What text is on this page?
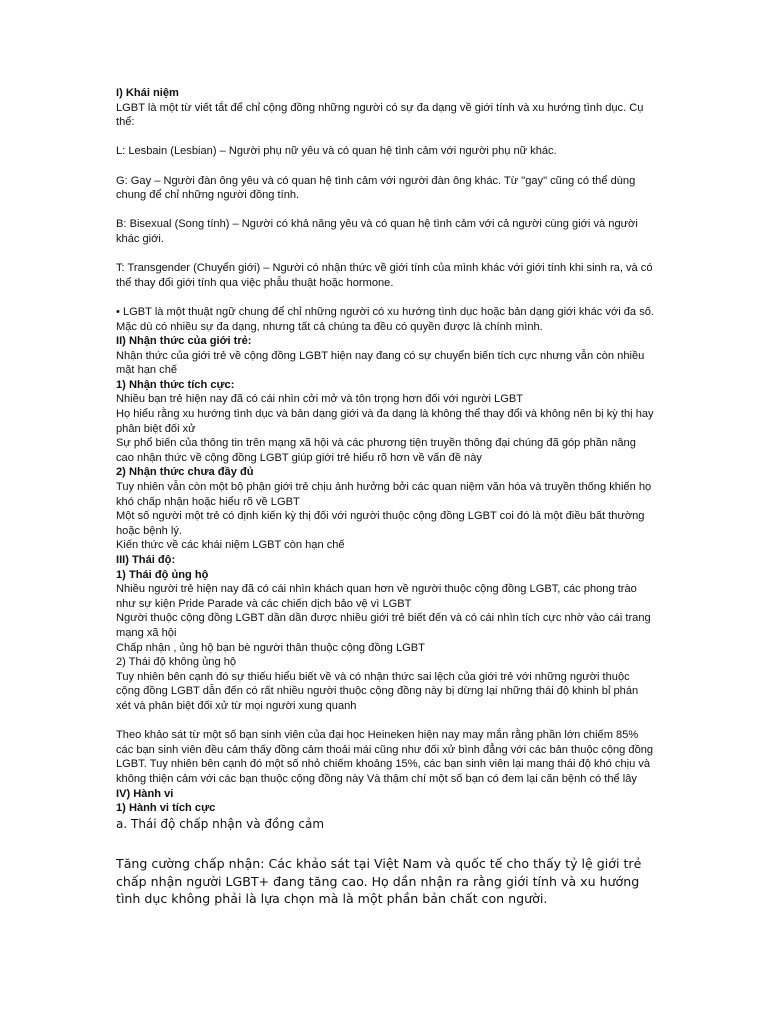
I) Khái niệm

LGBT là một từ viết tắt để chỉ cộng đồng những người có sự đa dạng về giới tính và xu hướng tình dục. Cụ thể:

L: Lesbain (Lesbian) – Người phụ nữ yêu và có quan hệ tình cảm với người phụ nữ khác.

G: Gay – Người đàn ông yêu và có quan hệ tình cảm với người đàn ông khác. Từ "gay" cũng có thể dùng chung để chỉ những người đồng tính.

B: Bisexual (Song tính) – Người có khả năng yêu và có quan hệ tình cảm với cả người cùng giới và người khác giới.

T: Transgender (Chuyển giới) – Người có nhận thức về giới tính của mình khác với giới tính khi sinh ra, và có thể thay đổi giới tính qua việc phẫu thuật hoặc hormone.

• LGBT là một thuật ngữ chung để chỉ những người có xu hướng tình dục hoặc bản dạng giới khác với đa số. Mặc dù có nhiều sự đa dạng, nhưng tất cả chúng ta đều có quyền được là chính mình.

II) Nhận thức của giới trẻ:

Nhận thức của giới trẻ về cộng đồng LGBT hiện nay đang có sự chuyển biến tích cực nhưng vẫn còn nhiều mặt hạn chế

1) Nhận thức tích cực:

Nhiều bạn trẻ hiện nay đã có cái nhìn cởi mở và tôn trọng hơn đối với người LGBT

Họ hiểu rằng xu hướng tình dục và bản dạng giới và đa dạng là không thể thay đổi và không nên bị kỳ thị hay phân biệt đối xử

Sự phổ biến của thông tin trên mạng xã hội và các phương tiện truyền thông đại chúng đã góp phần nâng cao nhận thức về cộng đồng LGBT giúp giới trẻ hiểu rõ hơn về vấn đề này

2) Nhận thức chưa đầy đủ

Tuy nhiên vẫn còn một bộ phận giới trẻ chịu ảnh hưởng bởi các quan niệm văn hóa và truyền thống khiến họ khó chấp nhận hoặc hiểu rõ về LGBT

Một số người một trẻ có định kiến kỳ thị đối với người thuộc cộng đồng LGBT coi đó là một điều bất thường hoặc bệnh lý.

Kiến thức về các khái niệm LGBT còn hạn chế

III) Thái độ:

1) Thái độ ủng hộ

Nhiều người trẻ hiện nay đã có cái nhìn khách quan hơn về người thuộc cộng đồng LGBT, các phong trào như sự kiện Pride Parade và các chiến dịch bảo vệ vì LGBT

Người thuộc cộng đồng LGBT dần dần được nhiều giới trẻ biết đến và có cái nhìn tích cực nhờ vào cái trang mạng xã hội

Chấp nhận , ủng hộ bạn bè người thân thuộc cộng đồng LGBT

2) Thái độ không ủng hộ

Tuy nhiên bên cạnh đó sự thiếu hiểu biết về và có nhận thức sai lệch của giới trẻ với những người thuộc cộng đồng LGBT dẫn đến có rất nhiều người thuộc cộng đồng này bị dừng lại những thái độ khinh bỉ phán xét và phân biệt đối xử từ mọi người xung quanh

Theo khảo sát từ một số bạn sinh viên của đại học Heineken hiện nay may mắn rằng phần lớn chiếm 85% các bạn sinh viên đều cảm thấy đồng cảm thoải mái cũng như đối xử bình đẳng với các bản thuộc cộng đồng LGBT. Tuy nhiên bên cạnh đó một số nhỏ chiếm khoảng 15%, các bạn sinh viên lại mang thái độ khó chịu và không thiện cảm với các bạn thuộc cộng đồng này Và thậm chí một số bạn có đem lại căn bệnh có thể lây

IV) Hành vi

1) Hành vi tích cực

a. Thái độ chấp nhận và đồng cảm

Tăng cường chấp nhận: Các khảo sát tại Việt Nam và quốc tế cho thấy tỷ lệ giới trẻ chấp nhận người LGBT+ đang tăng cao. Họ dần nhận ra rằng giới tính và xu hướng tình dục không phải là lựa chọn mà là một phần bản chất con người.
